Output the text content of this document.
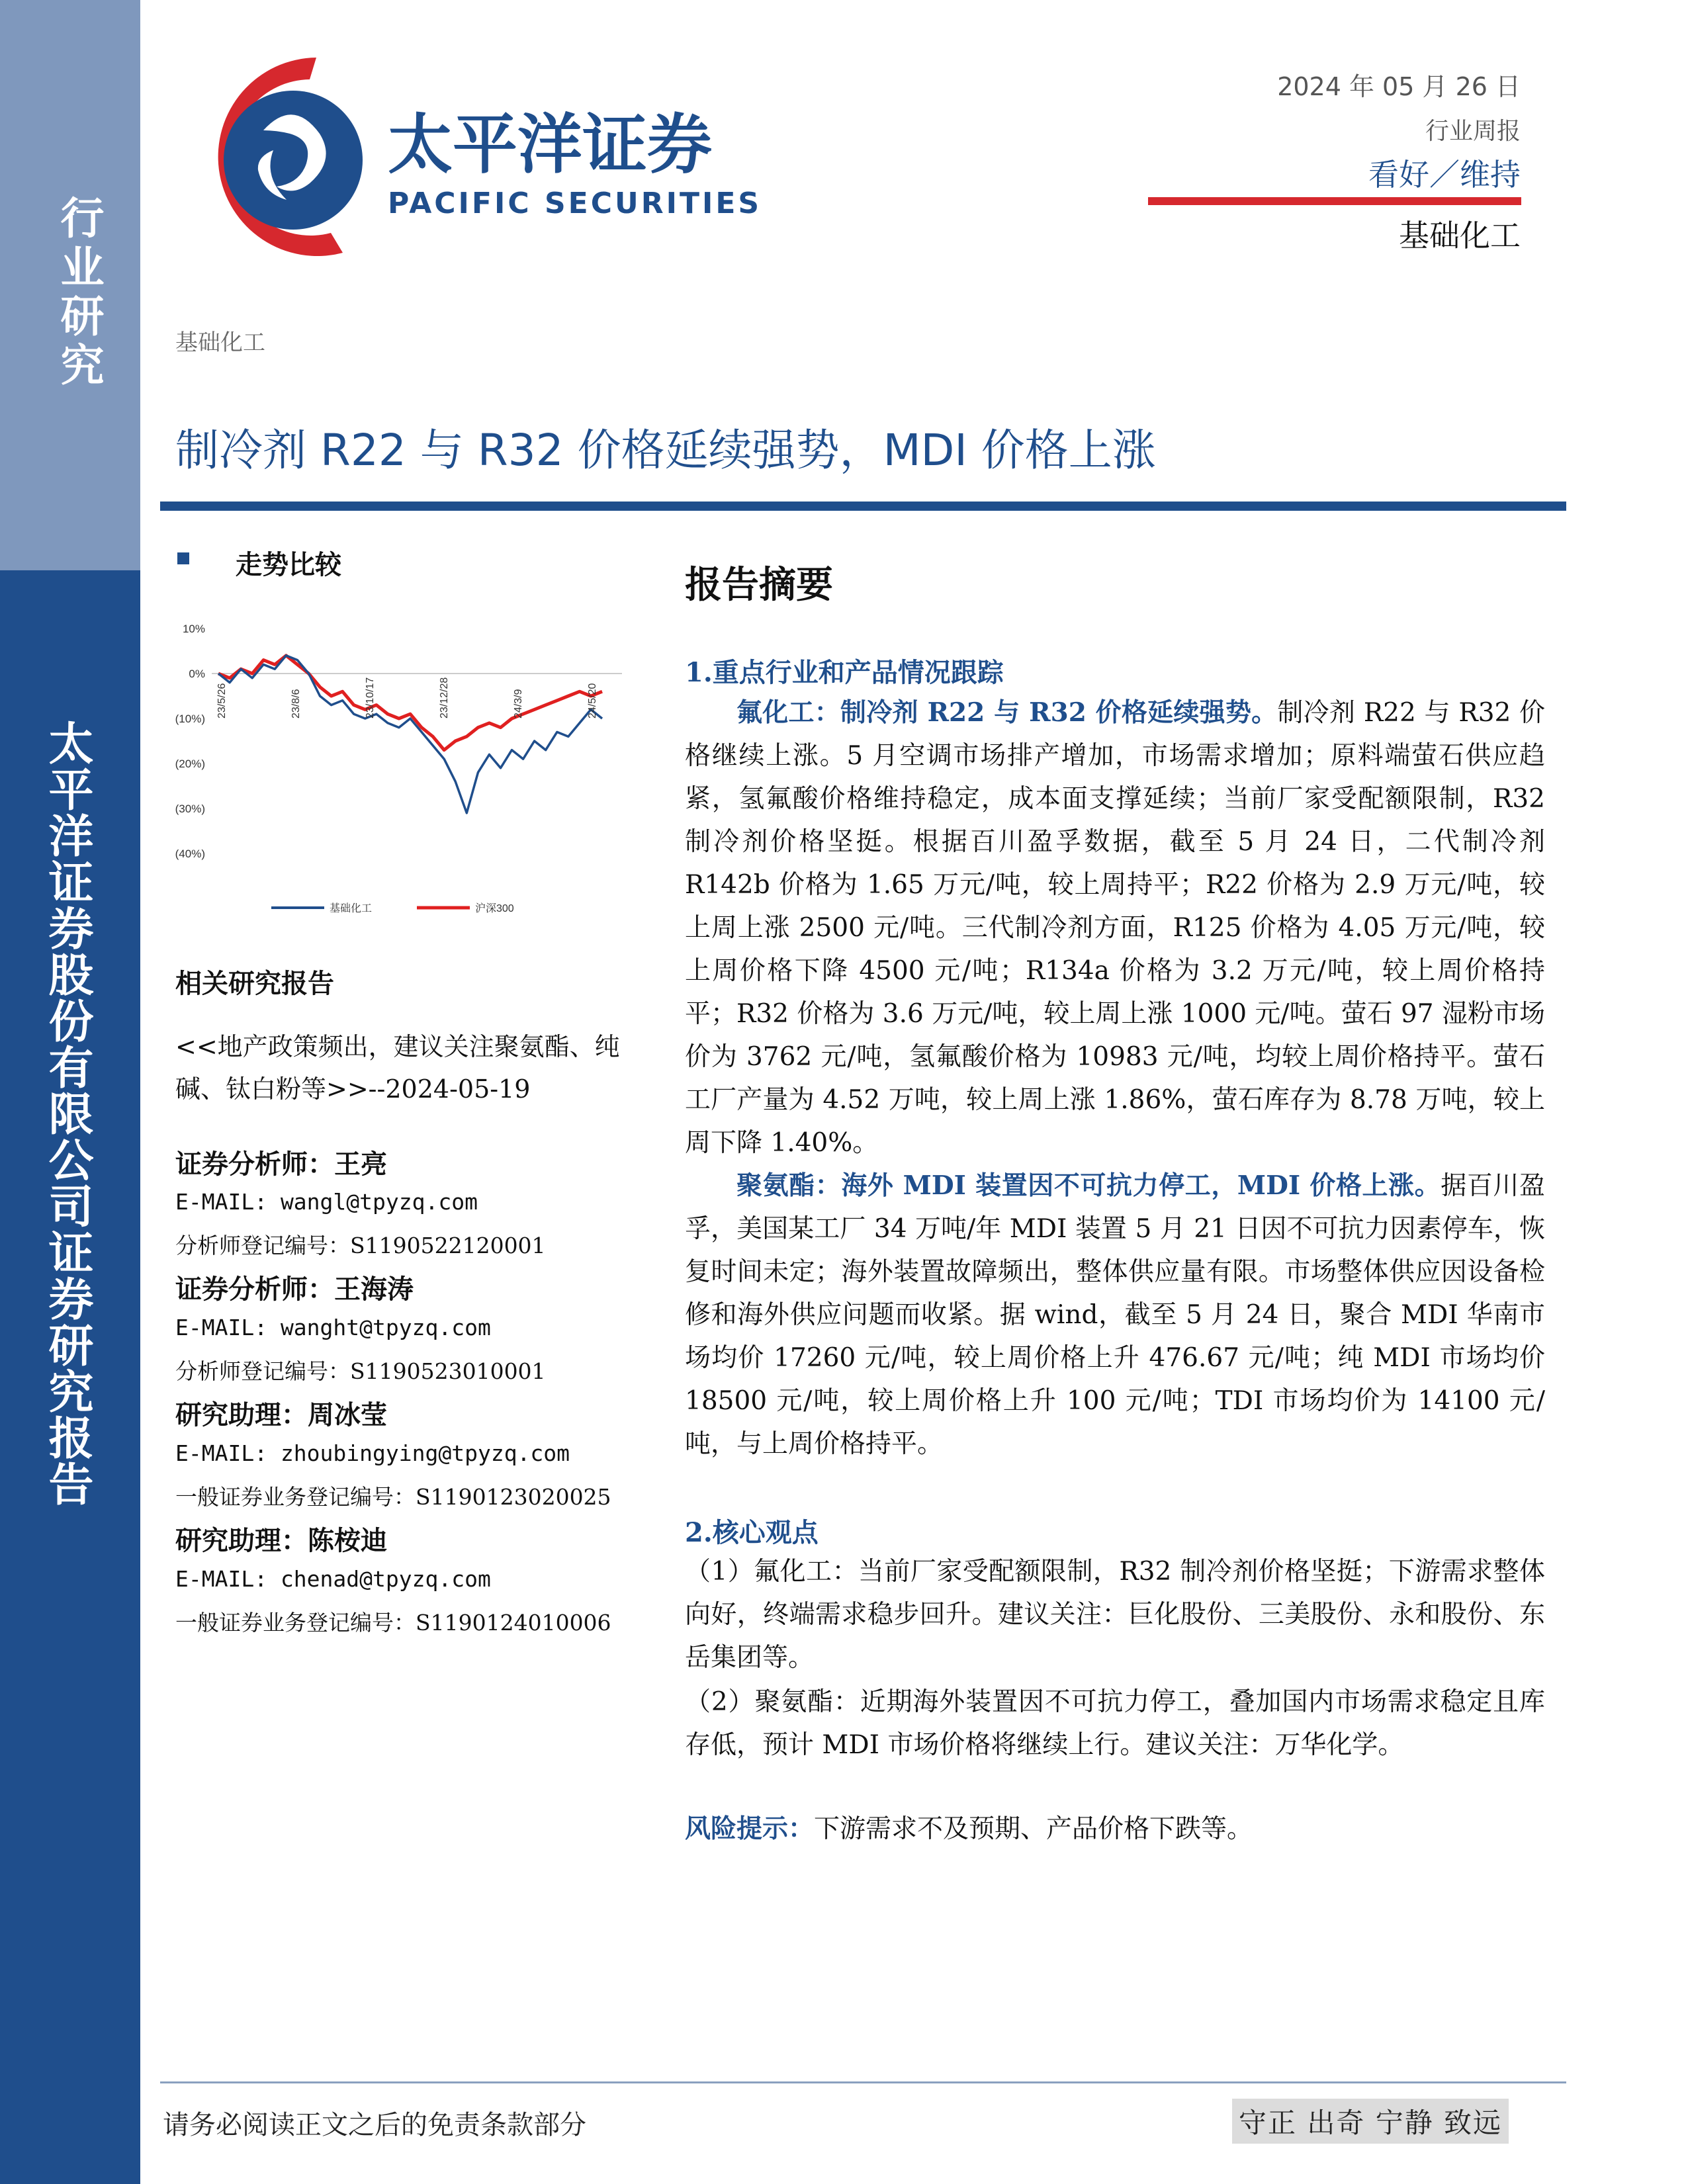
行业研究
太平洋证券股份有限公司证券研究报告
太平洋证券
PACIFIC SECURITIES
2024 年 05 月 26 日
行业周报
看好／维持
基础化工
基础化工
制冷剂 R22 与 R32 价格延续强势，MDI 价格上涨
走势比较
10%
0%
(10%)
(20%)
(30%)
(40%)
23/5/26	23/8/6	23/10/17	23/12/28	24/3/9	24/5/20
基础化工	沪深300
相关研究报告
<<地产政策频出，建议关注聚氨酯、纯碱、钛白粉等>>--2024-05-19
证券分析师：王亮
E-MAIL: wangl@tpyzq.com
分析师登记编号：S1190522120001
证券分析师：王海涛
E-MAIL: wanght@tpyzq.com
分析师登记编号：S1190523010001
研究助理：周冰莹
E-MAIL: zhoubingying@tpyzq.com
一般证券业务登记编号：S1190123020025
研究助理：陈桉迪
E-MAIL: chenad@tpyzq.com
一般证券业务登记编号：S1190124010006
报告摘要
1.重点行业和产品情况跟踪
氟化工：制冷剂 R22 与 R32 价格延续强势。制冷剂 R22 与 R32 价格继续上涨。5 月空调市场排产增加，市场需求增加；原料端萤石供应趋紧，氢氟酸价格维持稳定，成本面支撑延续；当前厂家受配额限制，R32 制冷剂价格坚挺。根据百川盈孚数据，截至 5 月 24 日，二代制冷剂 R142b 价格为 1.65 万元/吨，较上周持平；R22 价格为 2.9 万元/吨，较上周上涨 2500 元/吨。三代制冷剂方面，R125 价格为 4.05 万元/吨，较上周价格下降 4500 元/吨；R134a 价格为 3.2 万元/吨，较上周价格持平；R32 价格为 3.6 万元/吨，较上周上涨 1000 元/吨。萤石 97 湿粉市场价为 3762 元/吨，氢氟酸价格为 10983 元/吨，均较上周价格持平。萤石工厂产量为 4.52 万吨，较上周上涨 1.86%，萤石库存为 8.78 万吨，较上周下降 1.40%。
聚氨酯：海外 MDI 装置因不可抗力停工，MDI 价格上涨。据百川盈孚，美国某工厂 34 万吨/年 MDI 装置 5 月 21 日因不可抗力因素停车，恢复时间未定；海外装置故障频出，整体供应量有限。市场整体供应因设备检修和海外供应问题而收紧。据 wind，截至 5 月 24 日，聚合 MDI 华南市场均价 17260 元/吨，较上周价格上升 476.67 元/吨；纯 MDI 市场均价 18500 元/吨，较上周价格上升 100 元/吨；TDI 市场均价为 14100 元/吨，与上周价格持平。
2.核心观点
（1）氟化工：当前厂家受配额限制，R32 制冷剂价格坚挺；下游需求整体向好，终端需求稳步回升。建议关注：巨化股份、三美股份、永和股份、东岳集团等。
（2）聚氨酯：近期海外装置因不可抗力停工，叠加国内市场需求稳定且库存低，预计 MDI 市场价格将继续上行。建议关注：万华化学。
风险提示：下游需求不及预期、产品价格下跌等。
请务必阅读正文之后的免责条款部分	守正 出奇 宁静 致远
